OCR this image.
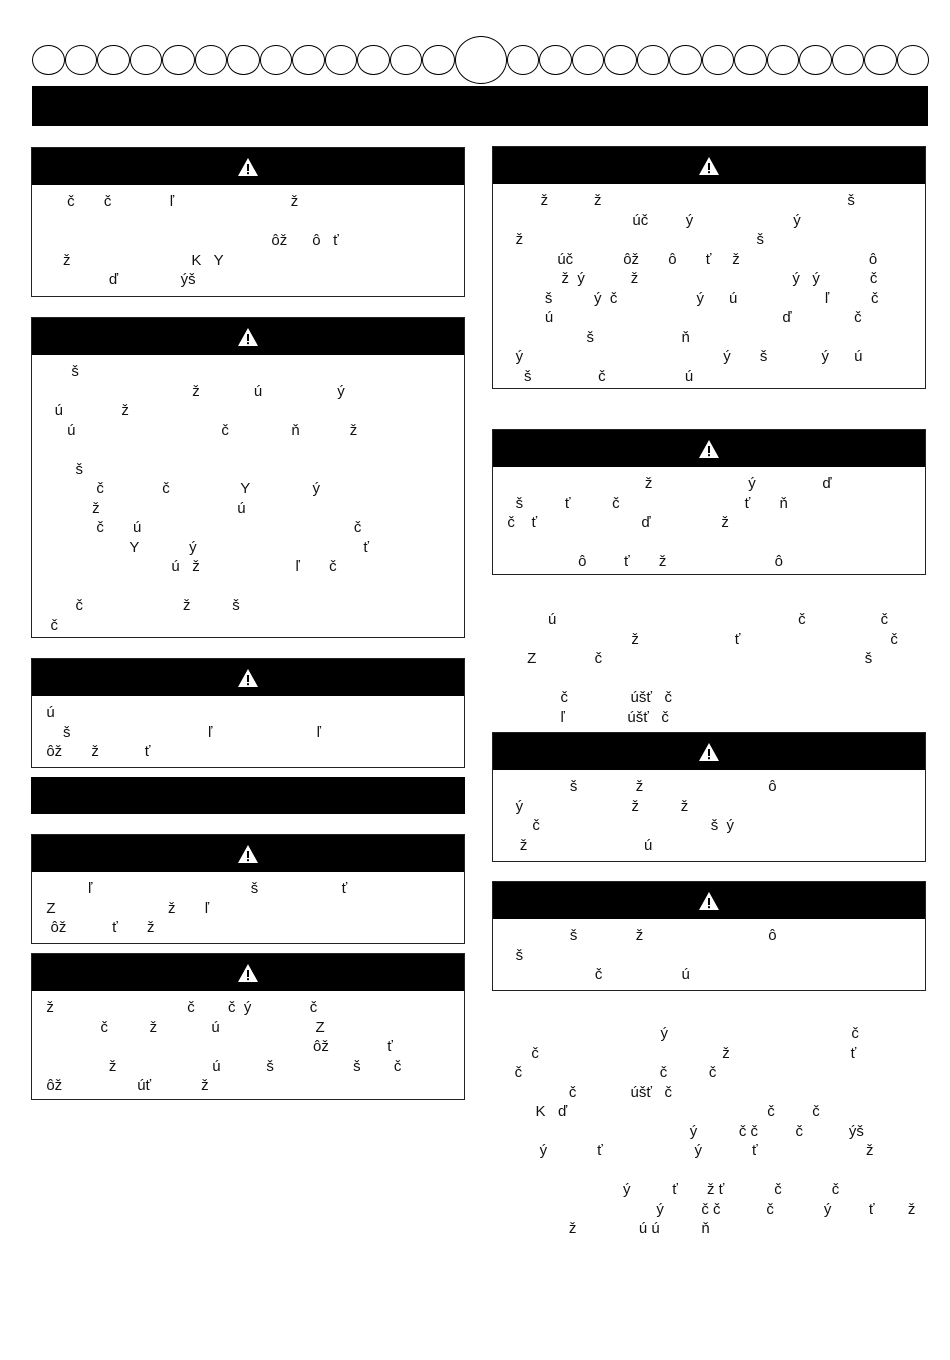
č       č              ľ                            ž
ôž      ô   ť
ž                             K   Y
ď               ýš
š
ž             ú                  ý
ú              ž
ú                                   č               ň            ž
š
č              č                 Y               ý
ž                                 ú
č       ú                                                   č
Y            ý                                        ť
ú   ž                       ľ       č
č                        ž          š
č
ú
š                                 ľ                         ľ
ôž       ž           ť
ľ                                      š                    ť
Z                           ž       ľ
ôž           ť       ž
ž                                č        č  ý              č
č          ž             ú                       Z
ôž              ť
ž                       ú           š                   š        č
ôž                  úť            ž
ž           ž                                                           š
úč         ý                        ý
ž                                                        š
úč            ôž       ô       ť     ž                               ô
ž  ý           ž                                     ý   ý            č
š          ý  č                   ý      ú                     ľ          č
ú                                                       ď               č
š                     ň
ý                                                ý       š             ý      ú
š                č                   ú
ž                       ý                ď
š          ť          č                              ť       ň
č    ť                         ď                 ž
ô         ť       ž                          ô
ú                                                          č                  č
ž                       ť                                    č
Z              č                                                               š
č               úšť   č
ľ               úšť   č
š              ž                              ô
ý                          ž          ž
č                                         š  ý
ž                            ú
š              ž                              ô
š
č                   ú
ý                                            č
č                                            ž                             ť
č                                 č          č
č             úšť   č
K   ď                                                č         č
ý          č č         č           ýš
ý            ť                      ý            ť                          ž
ý          ť       ž ť            č            č
ý         č č           č            ý         ť        ž
ž               ú ú          ň
